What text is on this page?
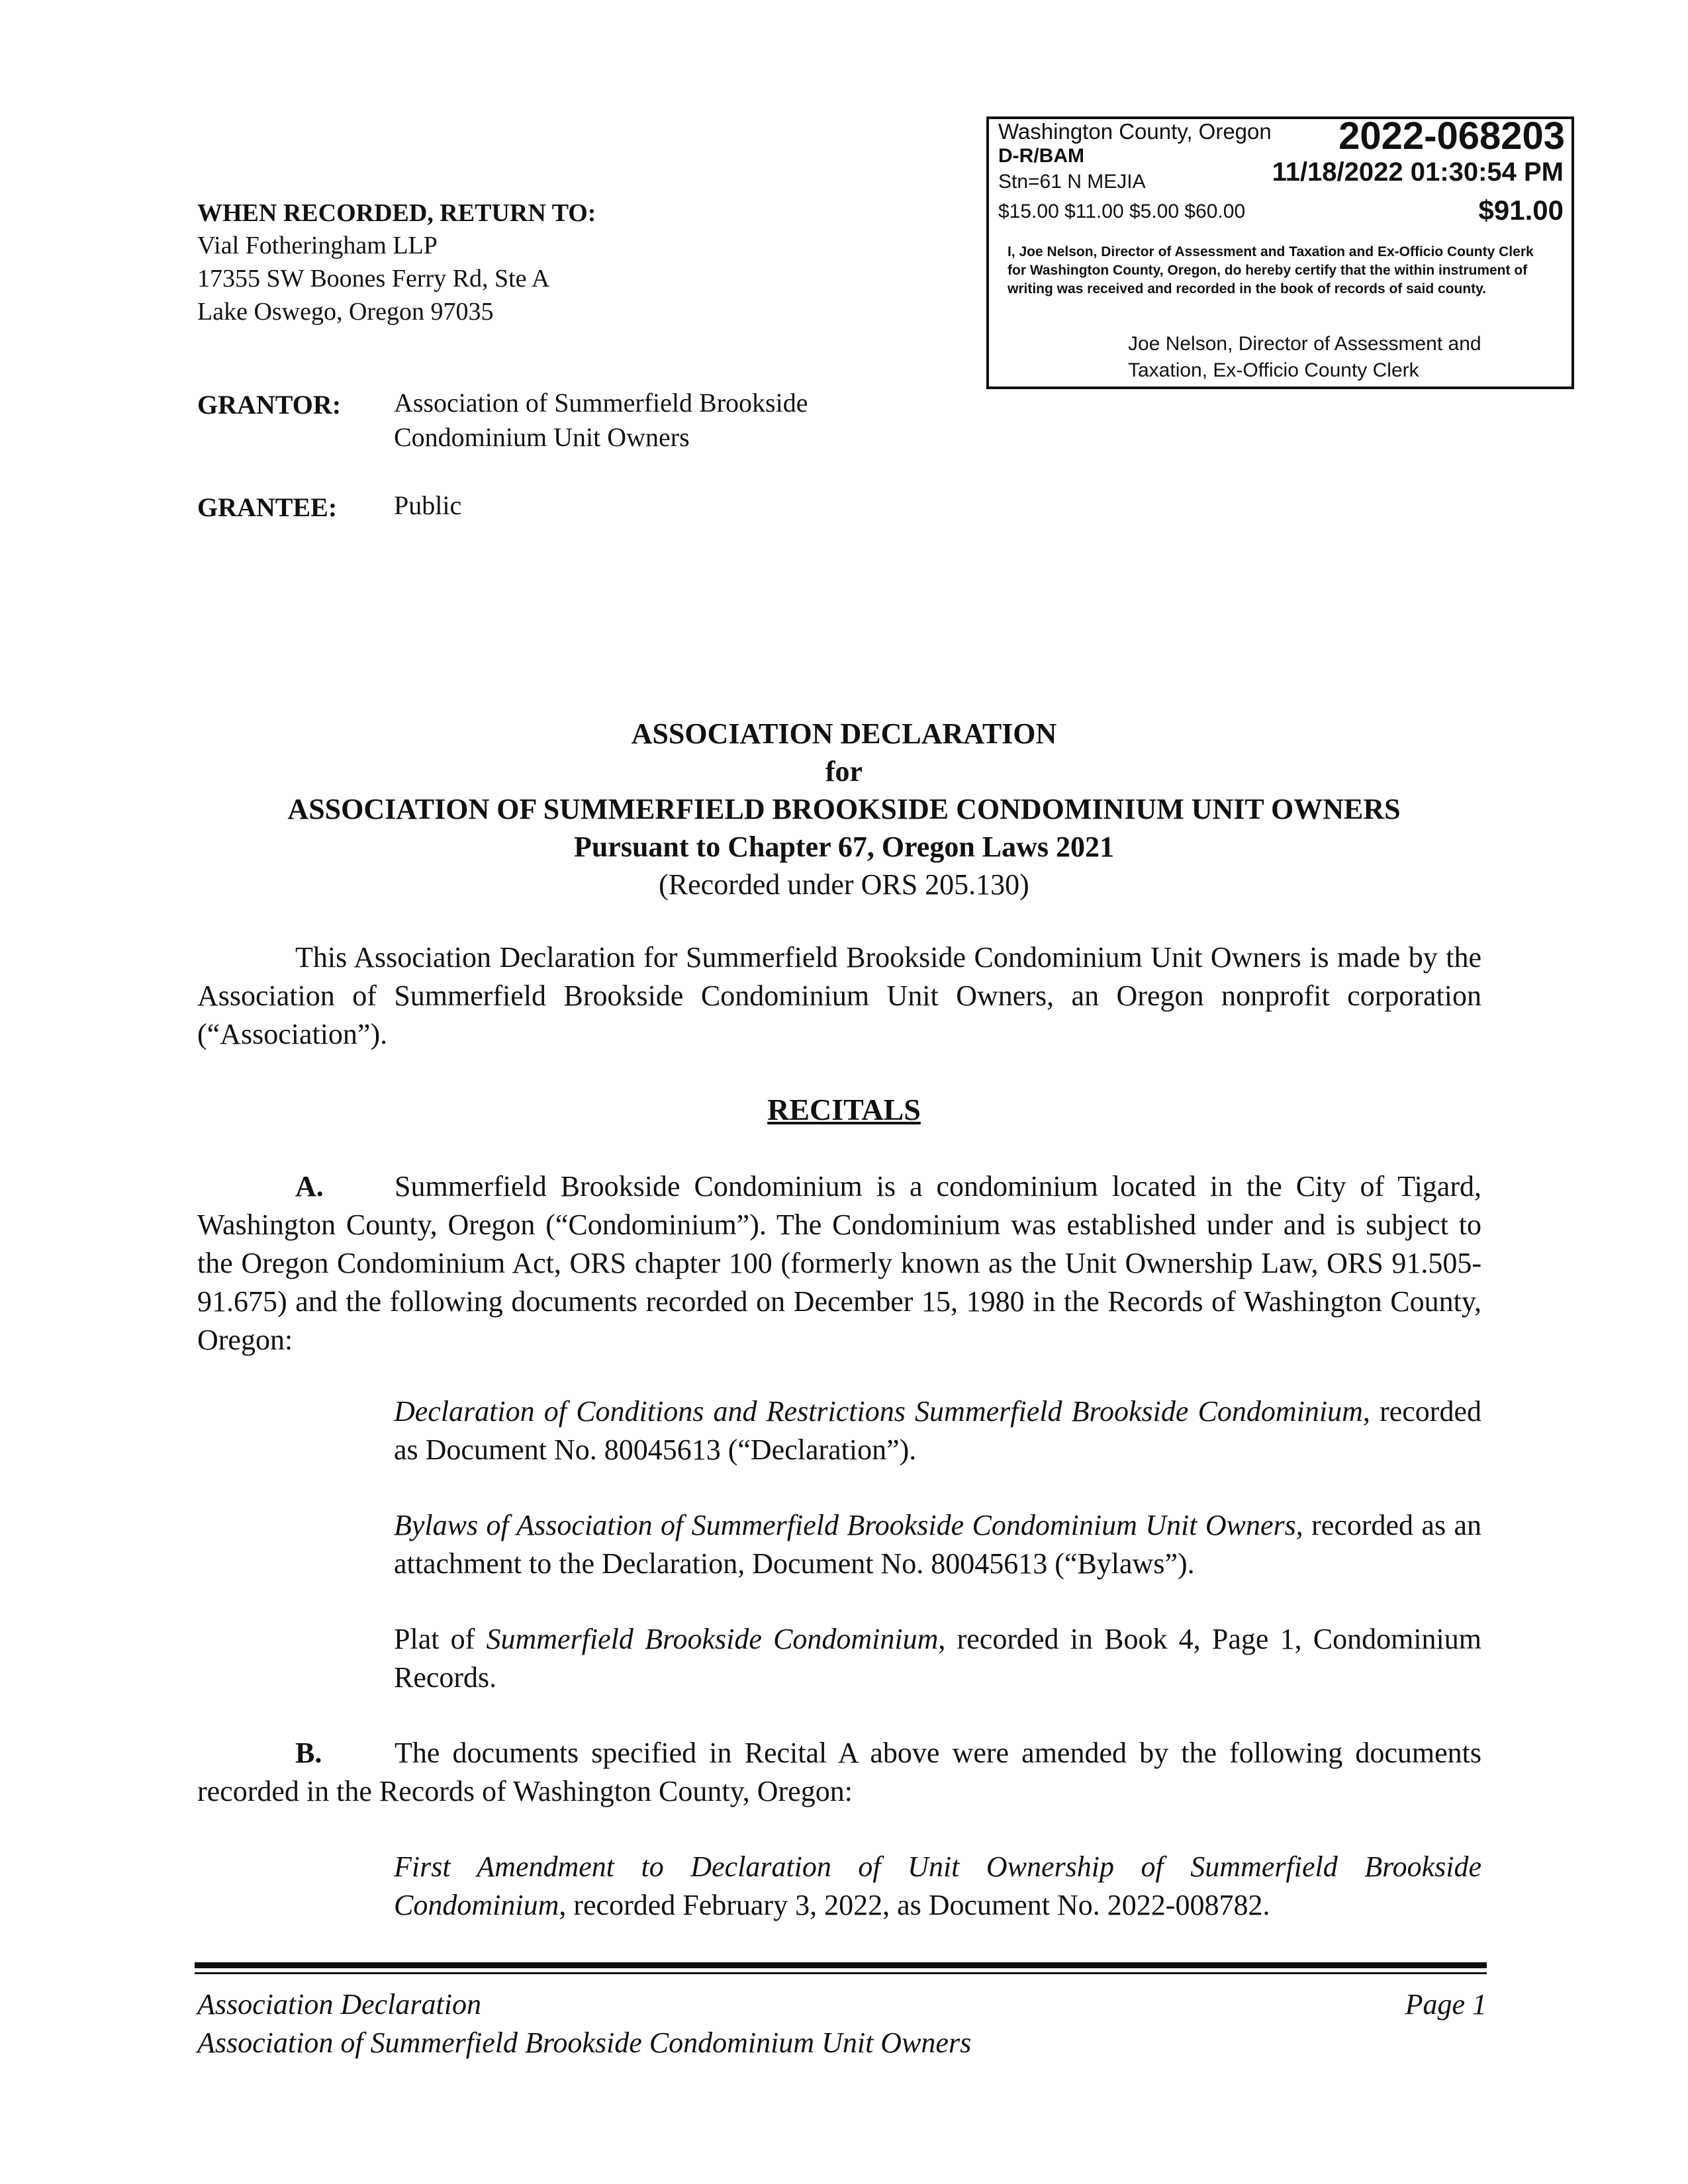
Washington County, Oregon 2022-068203
D-R/BAM
Stn=61 N MEJIA	11/18/2022 01:30:54 PM
$15.00 $11.00 $5.00 $60.00	$91.00
I, Joe Nelson, Director of Assessment and Taxation and Ex-Officio County Clerk for Washington County, Oregon, do hereby certify that the within instrument of writing was received and recorded in the book of records of said county.
Joe Nelson, Director of Assessment and
Taxation, Ex-Officio County Clerk
WHEN RECORDED, RETURN TO:
Vial Fotheringham LLP
17355 SW Boones Ferry Rd, Ste A
Lake Oswego, Oregon 97035
GRANTOR: Association of Summerfield Brookside
Condominium Unit Owners
GRANTEE: Public
ASSOCIATION DECLARATION
for
ASSOCIATION OF SUMMERFIELD BROOKSIDE CONDOMINIUM UNIT OWNERS
Pursuant to Chapter 67, Oregon Laws 2021
(Recorded under ORS 205.130)
This Association Declaration for Summerfield Brookside Condominium Unit Owners is made by the Association of Summerfield Brookside Condominium Unit Owners, an Oregon nonprofit corporation (“Association”).
RECITALS
A. Summerfield Brookside Condominium is a condominium located in the City of Tigard, Washington County, Oregon (“Condominium”). The Condominium was established under and is subject to the Oregon Condominium Act, ORS chapter 100 (formerly known as the Unit Ownership Law, ORS 91.505-91.675) and the following documents recorded on December 15, 1980 in the Records of Washington County, Oregon:
Declaration of Conditions and Restrictions Summerfield Brookside Condominium, recorded as Document No. 80045613 (“Declaration”).
Bylaws of Association of Summerfield Brookside Condominium Unit Owners, recorded as an attachment to the Declaration, Document No. 80045613 (“Bylaws”).
Plat of Summerfield Brookside Condominium, recorded in Book 4, Page 1, Condominium Records.
B. The documents specified in Recital A above were amended by the following documents recorded in the Records of Washington County, Oregon:
First Amendment to Declaration of Unit Ownership of Summerfield Brookside Condominium, recorded February 3, 2022, as Document No. 2022-008782.
Association Declaration
Association of Summerfield Brookside Condominium Unit Owners
Page 1
